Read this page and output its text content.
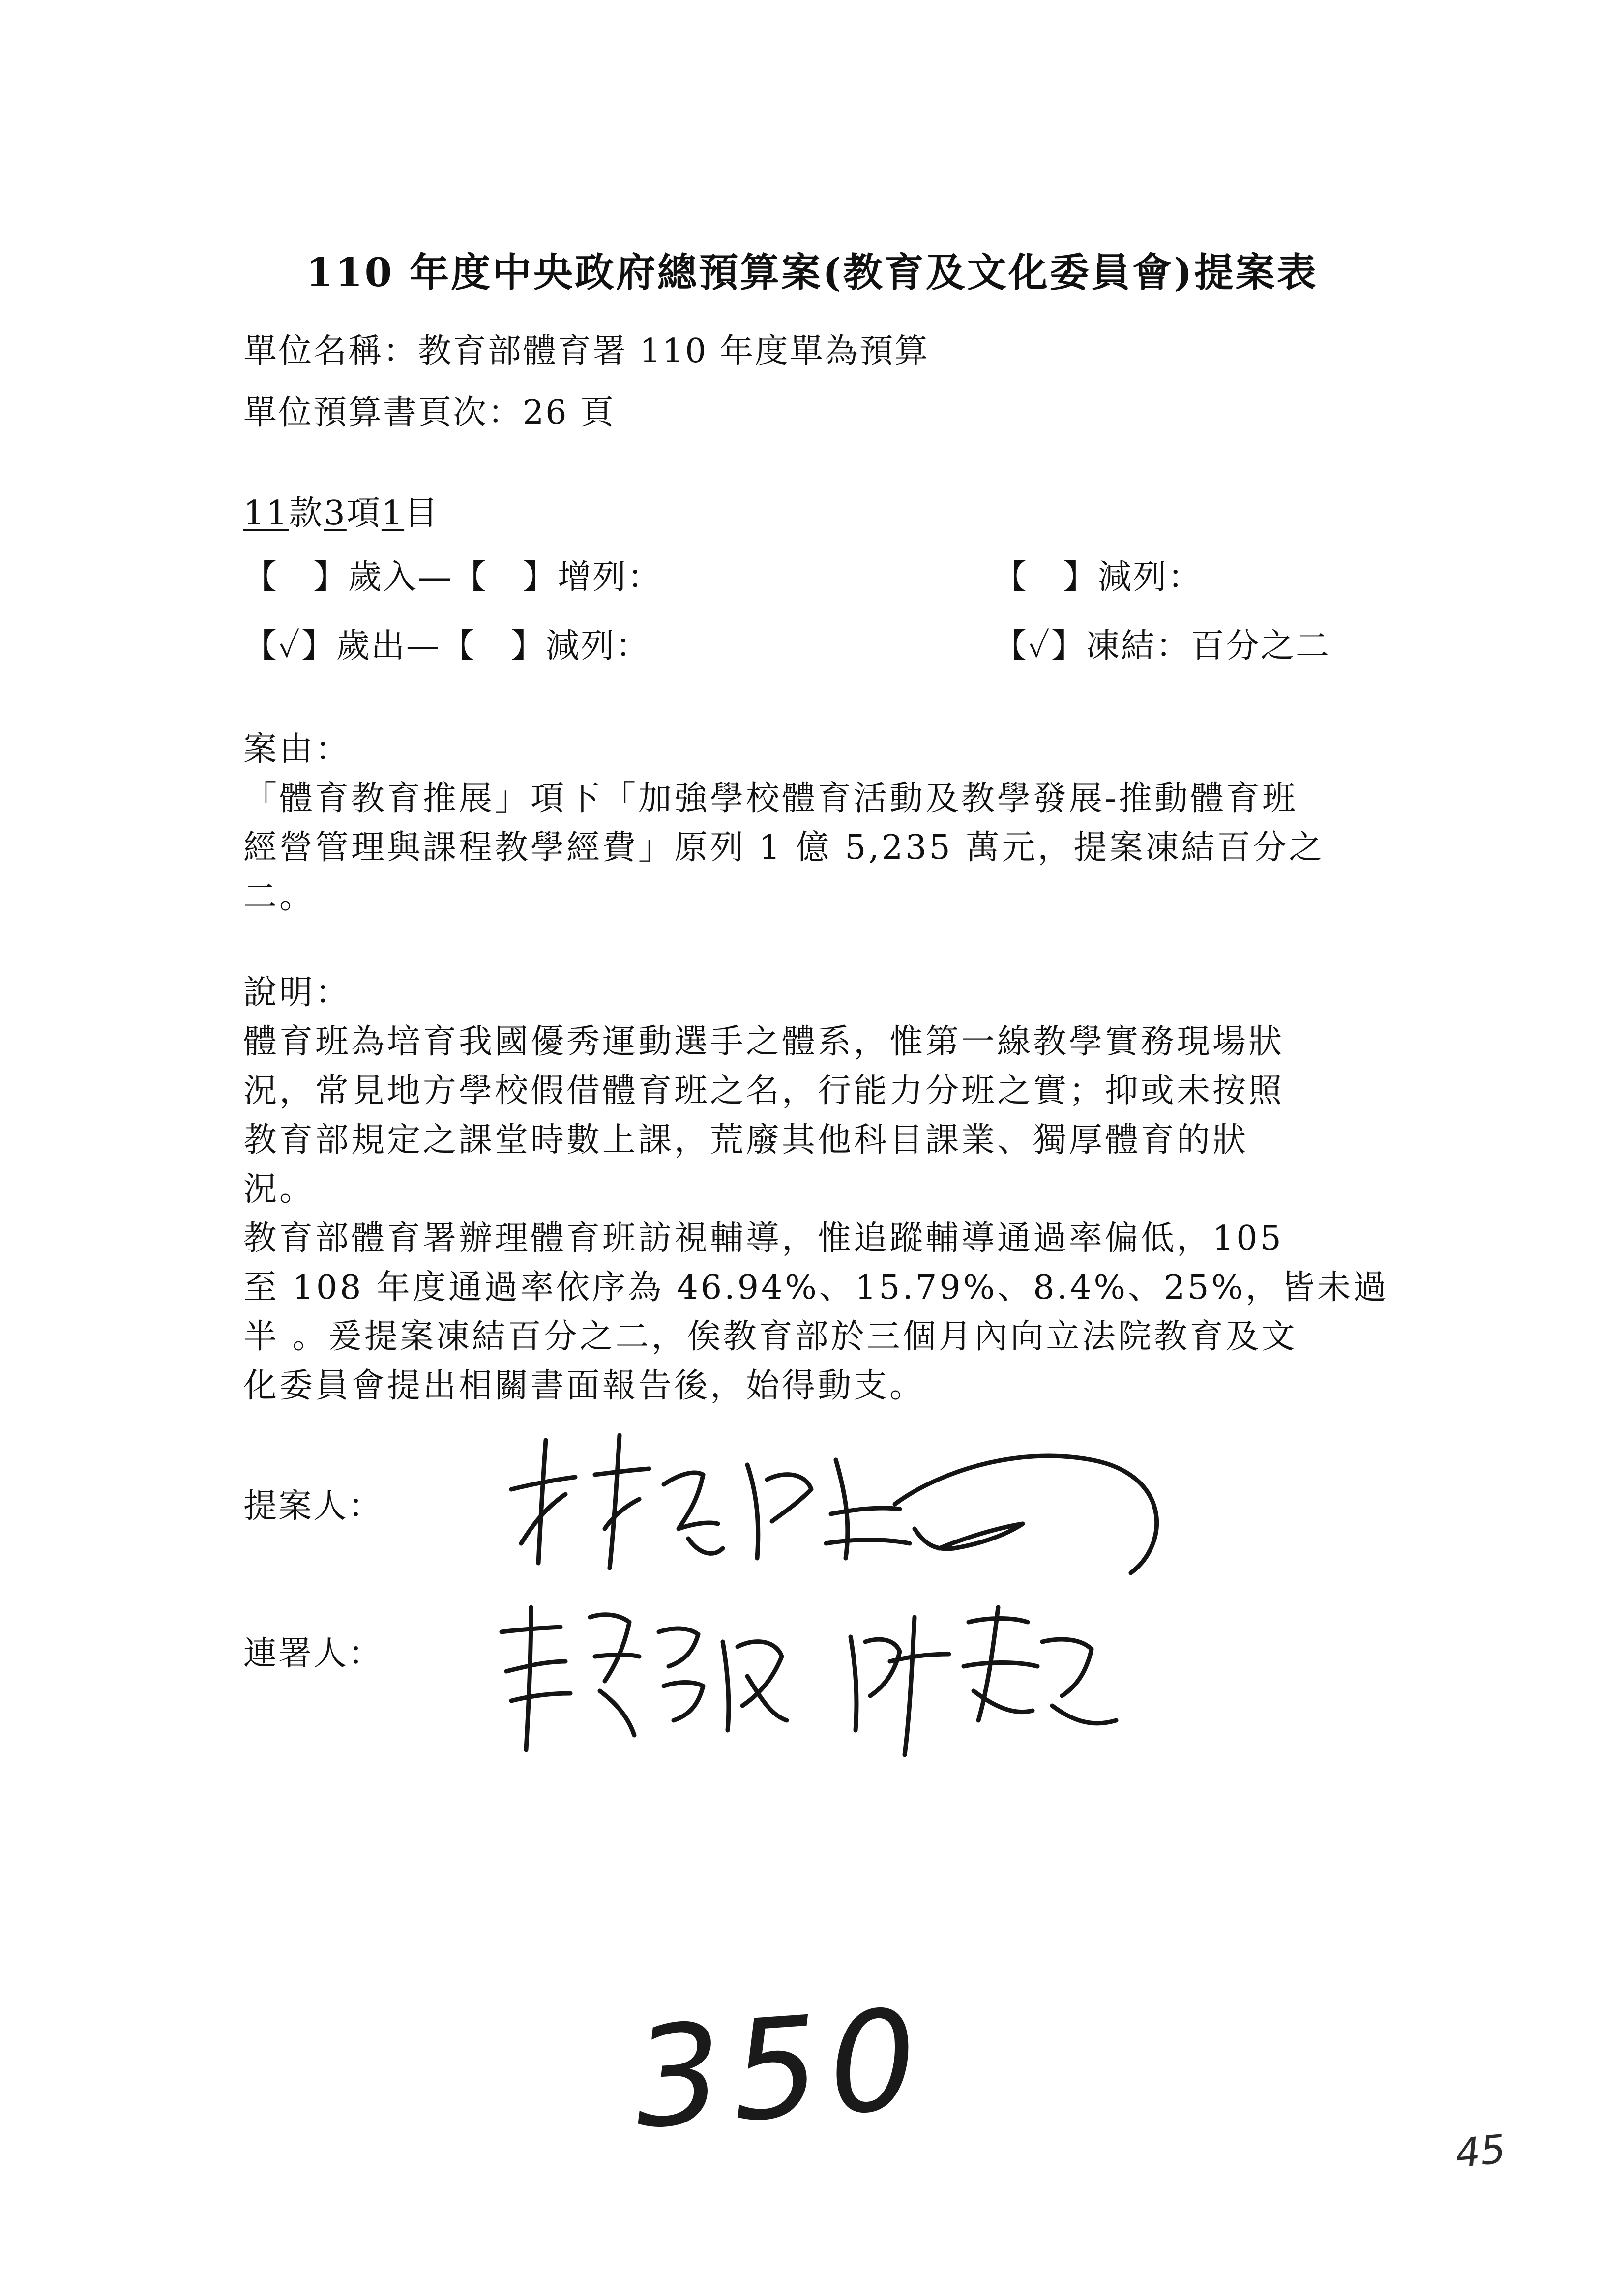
110 年度中央政府總預算案(教育及文化委員會)提案表
單位名稱：教育部體育署 110 年度單為預算
單位預算書頁次：26 頁
11款3項1目
【　】歲入—【　】增列：	【　】減列：
【✓】歲出—【　】減列：	【✓】凍結：百分之二
案由：
「體育教育推展」項下「加強學校體育活動及教學發展-推動體育班
經營管理與課程教學經費」原列 1 億 5,235 萬元，提案凍結百分之
二。
說明：
體育班為培育我國優秀運動選手之體系，惟第一線教學實務現場狀
況，常見地方學校假借體育班之名，行能力分班之實；抑或未按照
教育部規定之課堂時數上課，荒廢其他科目課業、獨厚體育的狀
況。
教育部體育署辦理體育班訪視輔導，惟追蹤輔導通過率偏低，105
至 108 年度通過率依序為 46.94%、15.79%、8.4%、25%，皆未過
半 。爰提案凍結百分之二，俟教育部於三個月內向立法院教育及文
化委員會提出相關書面報告後，始得動支。
提案人：
連署人：
350	45
